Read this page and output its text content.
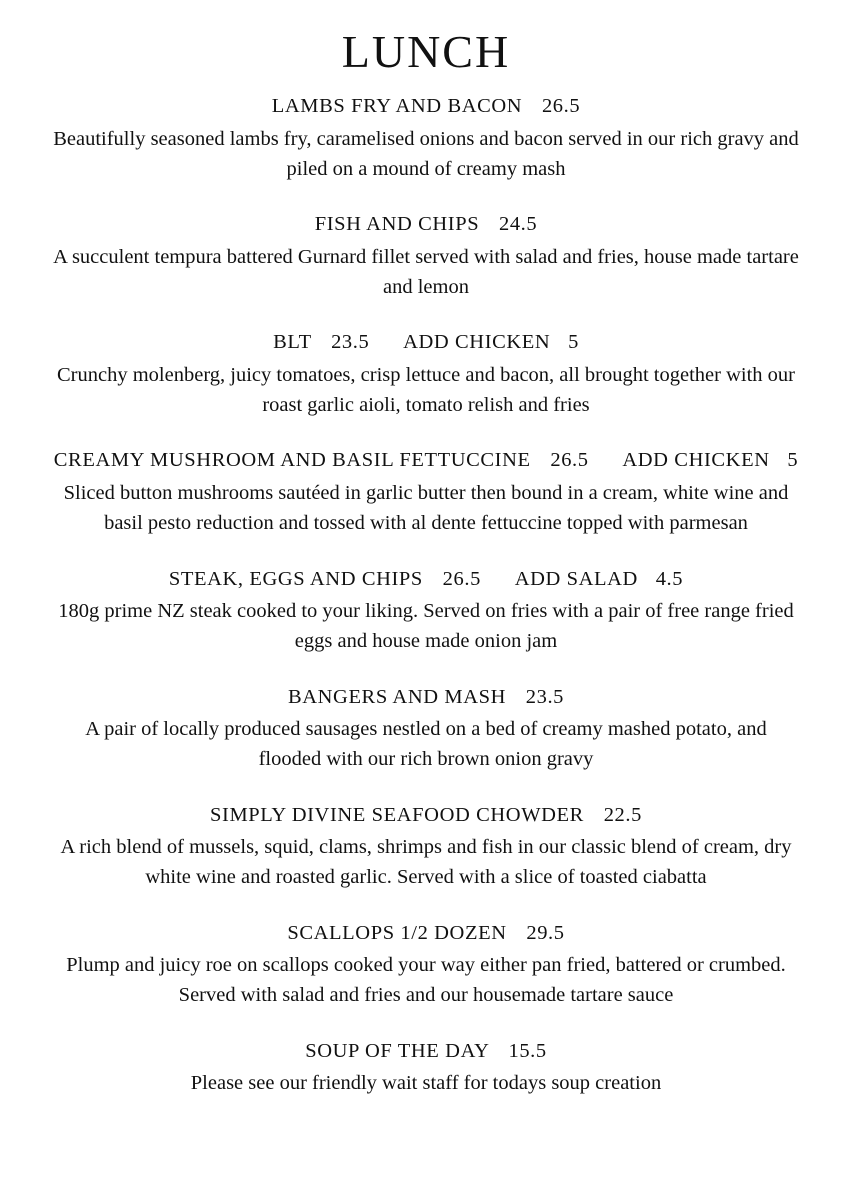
LUNCH
LAMBS FRY AND BACON 26.5
Beautifully seasoned lambs fry, caramelised onions and bacon served in our rich gravy and piled on a mound of creamy mash
FISH AND CHIPS 24.5
A succulent tempura battered Gurnard fillet served with salad and fries, house made tartare and lemon
BLT 23.5 ADD CHICKEN 5
Crunchy molenberg, juicy tomatoes, crisp lettuce and bacon, all brought together with our roast garlic aioli, tomato relish and fries
CREAMY MUSHROOM AND BASIL FETTUCCINE 26.5 ADD CHICKEN 5
Sliced button mushrooms sautéed in garlic butter then bound in a cream, white wine and basil pesto reduction and tossed with al dente fettuccine topped with parmesan
STEAK, EGGS AND CHIPS 26.5 ADD SALAD 4.5
180g prime NZ steak cooked to your liking. Served on fries with a pair of free range fried eggs and house made onion jam
BANGERS AND MASH 23.5
A pair of locally produced sausages nestled on a bed of creamy mashed potato, and flooded with our rich brown onion gravy
SIMPLY DIVINE SEAFOOD CHOWDER 22.5
A rich blend of mussels, squid, clams, shrimps and fish in our classic blend of cream, dry white wine and roasted garlic. Served with a slice of toasted ciabatta
SCALLOPS 1/2 DOZEN 29.5
Plump and juicy roe on scallops cooked your way either pan fried, battered or crumbed. Served with salad and fries and our housemade tartare sauce
SOUP OF THE DAY 15.5
Please see our friendly wait staff for todays soup creation
